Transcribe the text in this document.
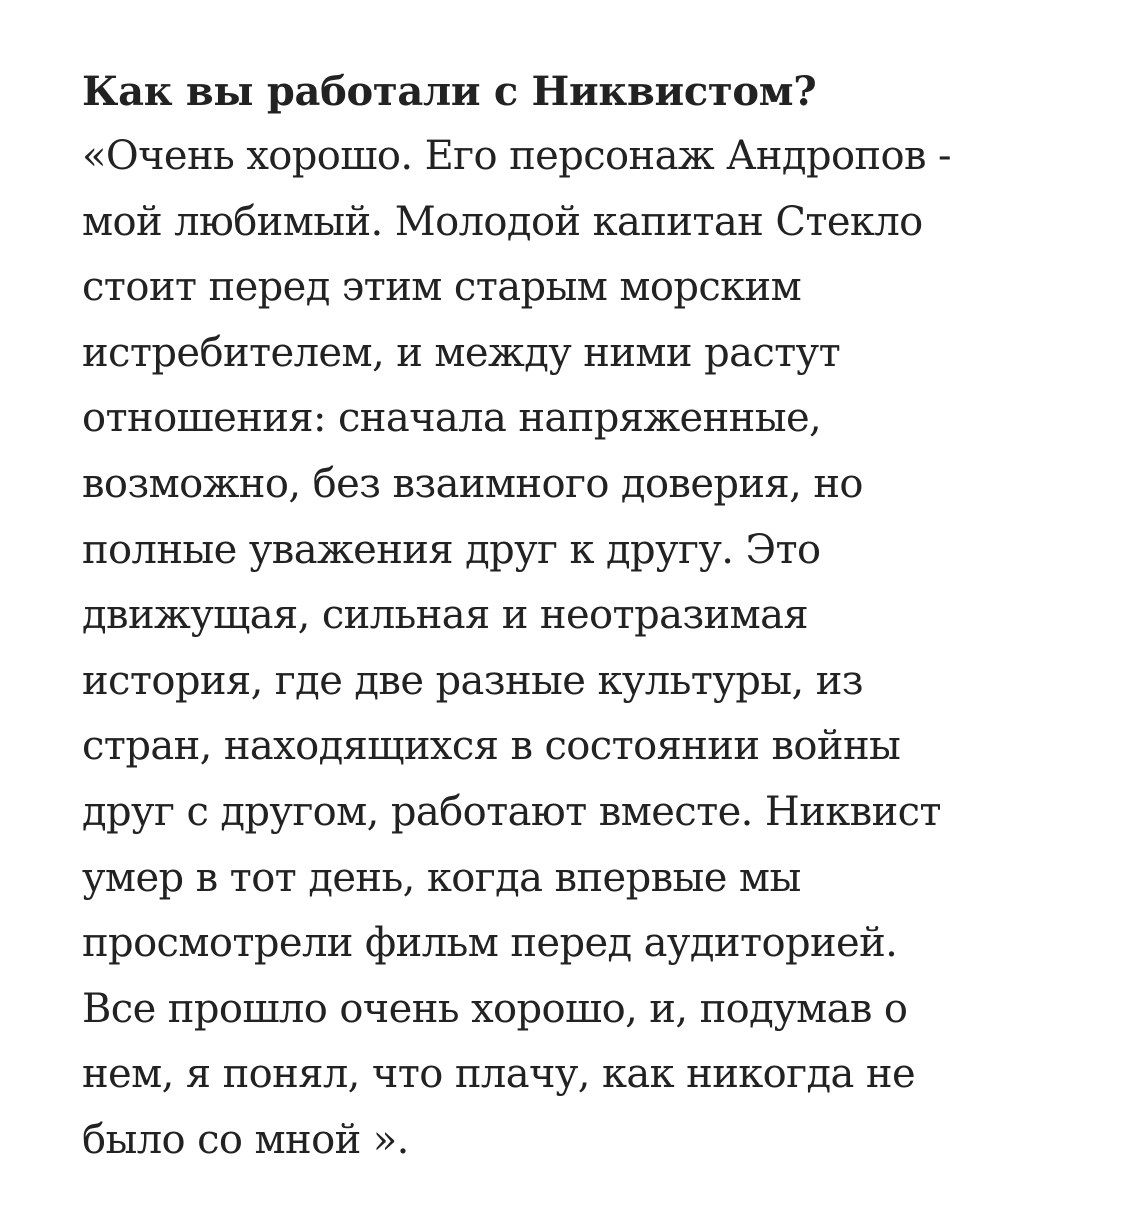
Как вы работали с Никвистом?

«Очень хорошо. Его персонаж Андропов -
мой любимый. Молодой капитан Стекло
стоит перед этим старым морским
истребителем, и между ними растут
отношения: сначала напряженные,
возможно, без взаимного доверия, но
полные уважения друг к другу. Это
движущая, сильная и неотразимая
история, где две разные культуры, из
стран, находящихся в состоянии войны
друг с другом, работают вместе. Никвист
умер в тот день, когда впервые мы
просмотрели фильм перед аудиторией.
Все прошло очень хорошо, и, подумав о
нем, я понял, что плачу, как никогда не
было со мной ».
